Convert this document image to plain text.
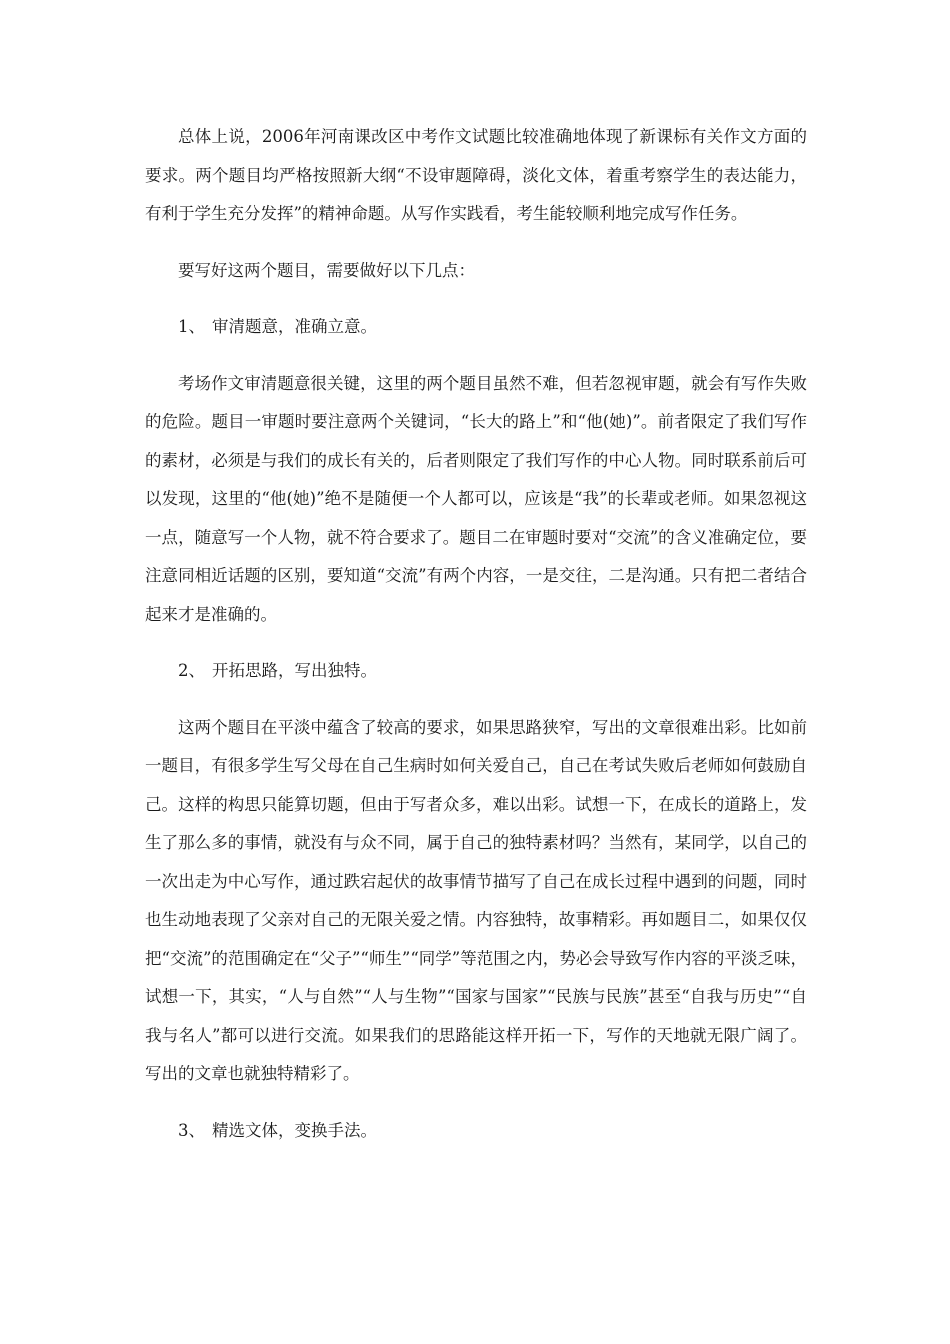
总体上说，2006年河南课改区中考作文试题比较准确地体现了新课标有关作文方面的要求。两个题目均严格按照新大纲“不设审题障碍，淡化文体，着重考察学生的表达能力，有利于学生充分发挥”的精神命题。从写作实践看，考生能较顺利地完成写作任务。

要写好这两个题目，需要做好以下几点：

1、 审清题意，准确立意。

考场作文审清题意很关键，这里的两个题目虽然不难，但若忽视审题，就会有写作失败的危险。题目一审题时要注意两个关键词，“长大的路上”和“他(她)”。前者限定了我们写作的素材，必须是与我们的成长有关的，后者则限定了我们写作的中心人物。同时联系前后可以发现，这里的“他(她)”绝不是随便一个人都可以，应该是“我”的长辈或老师。如果忽视这一点，随意写一个人物，就不符合要求了。题目二在审题时要对“交流”的含义准确定位，要注意同相近话题的区别，要知道“交流”有两个内容，一是交往，二是沟通。只有把二者结合起来才是准确的。

2、 开拓思路，写出独特。

这两个题目在平淡中蕴含了较高的要求，如果思路狭窄，写出的文章很难出彩。比如前一题目，有很多学生写父母在自己生病时如何关爱自己，自己在考试失败后老师如何鼓励自己。这样的构思只能算切题，但由于写者众多，难以出彩。试想一下，在成长的道路上，发生了那么多的事情，就没有与众不同，属于自己的独特素材吗？当然有，某同学，以自己的一次出走为中心写作，通过跌宕起伏的故事情节描写了自己在成长过程中遇到的问题，同时也生动地表现了父亲对自己的无限关爱之情。内容独特，故事精彩。再如题目二，如果仅仅把“交流”的范围确定在“父子”“师生”“同学”等范围之内，势必会导致写作内容的平淡乏味，试想一下，其实，“人与自然”“人与生物”“国家与国家”“民族与民族”甚至“自我与历史”“自我与名人”都可以进行交流。如果我们的思路能这样开拓一下，写作的天地就无限广阔了。写出的文章也就独特精彩了。

3、 精选文体，变换手法。
